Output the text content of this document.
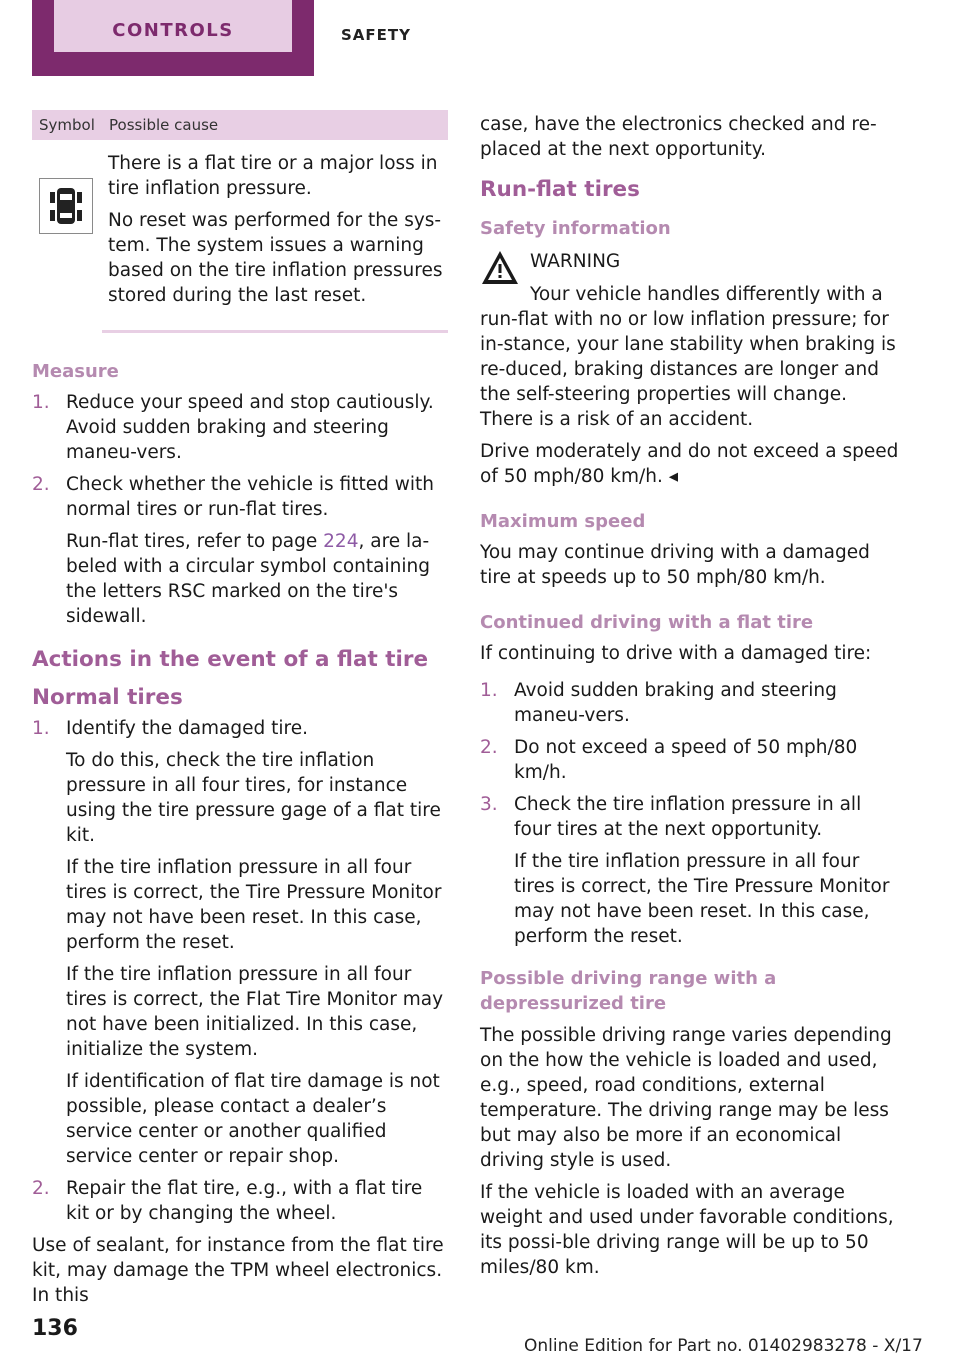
CONTROLS	SAFETY
Symbol Possible cause

There is a flat tire or a major loss in tire inflation pressure.

No reset was performed for the sys-tem. The system issues a warning based on the tire inflation pressures stored during the last reset.

Measure

1. Reduce your speed and stop cautiously. Avoid sudden braking and steering maneu-vers.

2. Check whether the vehicle is fitted with normal tires or run-flat tires.

Run-flat tires, refer to page 224, are la-beled with a circular symbol containing the letters RSC marked on the tire's sidewall.

Actions in the event of a flat tire

Normal tires

1. Identify the damaged tire.

To do this, check the tire inflation pressure in all four tires, for instance using the tire pressure gage of a flat tire kit.

If the tire inflation pressure in all four tires is correct, the Tire Pressure Monitor may not have been reset. In this case, perform the reset.

If the tire inflation pressure in all four tires is correct, the Flat Tire Monitor may not have been initialized. In this case, initialize the system.

If identification of flat tire damage is not possible, please contact a dealer’s service center or another qualified service center or repair shop.

2. Repair the flat tire, e.g., with a flat tire kit or by changing the wheel.

Use of sealant, for instance from the flat tire kit, may damage the TPM wheel electronics. In this

case, have the electronics checked and re-placed at the next opportunity.

Run-flat tires

Safety information

WARNING

Your vehicle handles differently with a run-flat with no or low inflation pressure; for in-stance, your lane stability when braking is re-duced, braking distances are longer and the self-steering properties will change. There is a risk of an accident.

Drive moderately and do not exceed a speed of 50 mph/80 km/h. ◂

Maximum speed

You may continue driving with a damaged tire at speeds up to 50 mph/80 km/h.

Continued driving with a flat tire

If continuing to drive with a damaged tire:

1. Avoid sudden braking and steering maneu-vers.

2. Do not exceed a speed of 50 mph/80 km/h.

3. Check the tire inflation pressure in all four tires at the next opportunity.

If the tire inflation pressure in all four tires is correct, the Tire Pressure Monitor may not have been reset. In this case, perform the reset.

Possible driving range with a depressurized tire

The possible driving range varies depending on the how the vehicle is loaded and used, e.g., speed, road conditions, external temperature. The driving range may be less but may also be more if an economical driving style is used.

If the vehicle is loaded with an average weight and used under favorable conditions, its possi-ble driving range will be up to 50 miles/80 km.

136
Online Edition for Part no. 01402983278 - X/17
